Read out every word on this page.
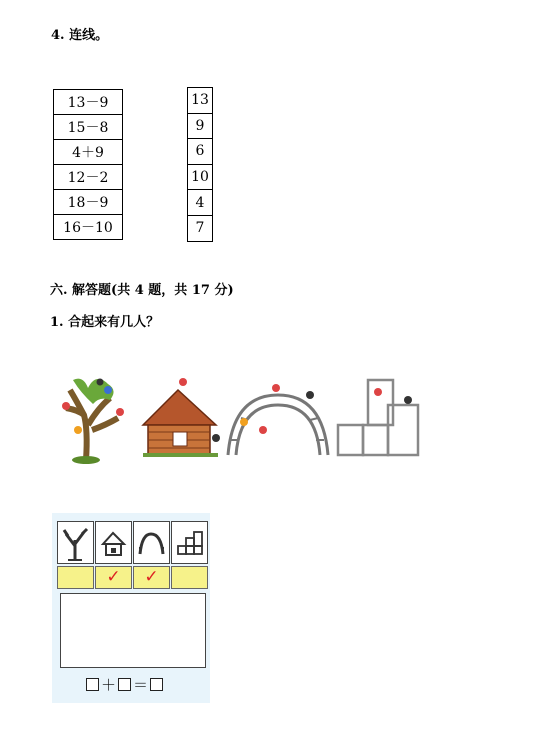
4. 连线。
13－9
15－8
4＋9
12－2
18－9
16－10
13
9
6
10
4
7
六. 解答题(共 4 题，共 17 分)
1. 合起来有几人？
✓	✓
＋ ＝
